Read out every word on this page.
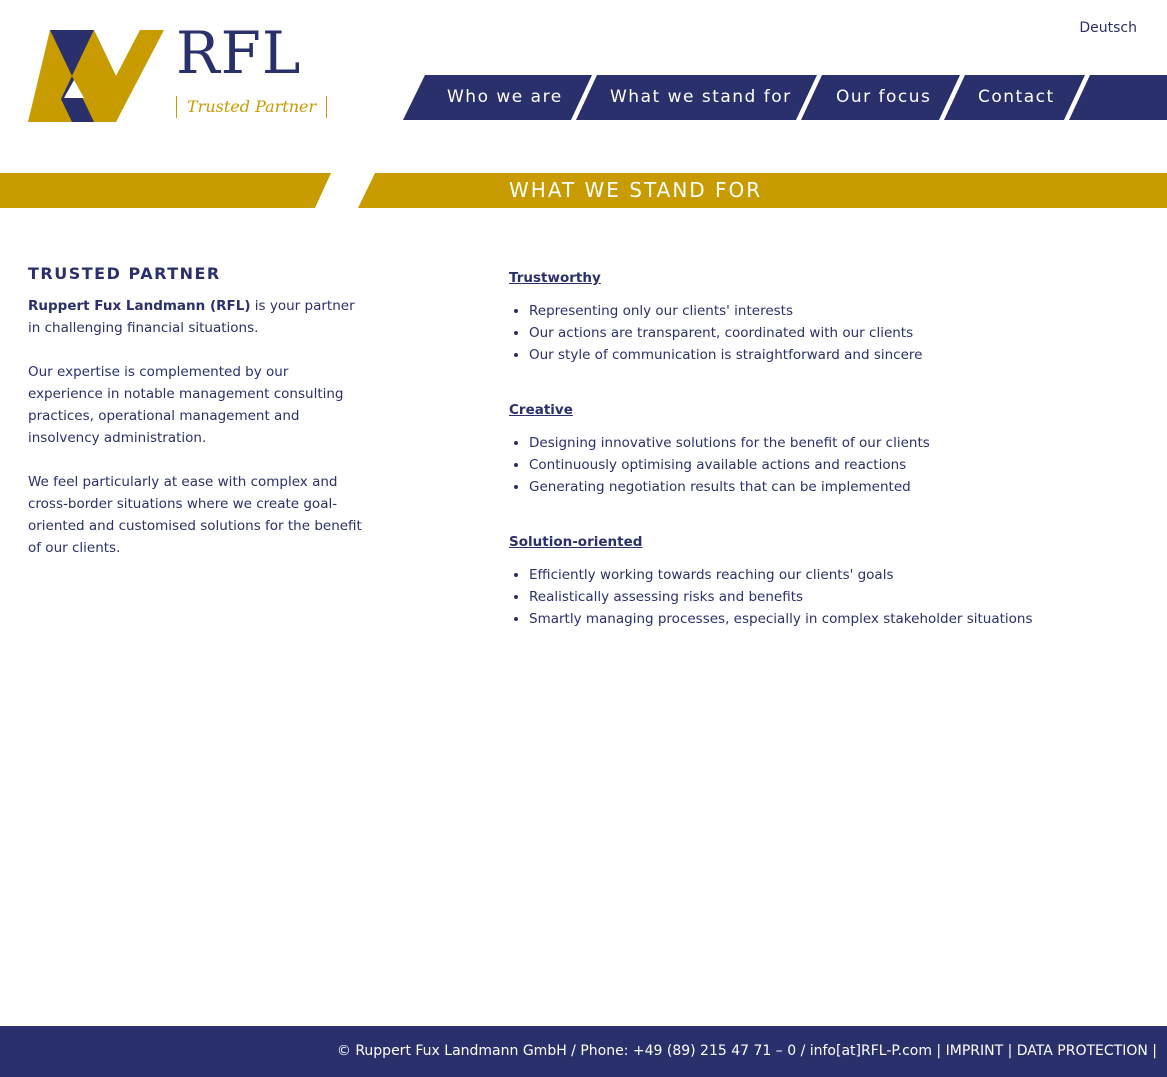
Deutsch
RFL
Trusted Partner	Who we are	What we stand for	Our focus	Contact
WHAT WE STAND FOR
TRUSTED PARTNER

Ruppert Fux Landmann (RFL) is your partner in challenging financial situations.

Our expertise is complemented by our experience in notable management consulting practices, operational management and insolvency administration.

We feel particularly at ease with complex and cross-border situations where we create goal-oriented and customised solutions for the benefit of our clients.

Trustworthy
• Representing only our clients' interests
• Our actions are transparent, coordinated with our clients
• Our style of communication is straightforward and sincere
Creative
• Designing innovative solutions for the benefit of our clients
• Continuously optimising available actions and reactions
• Generating negotiation results that can be implemented
Solution-oriented
• Efficiently working towards reaching our clients' goals
• Realistically assessing risks and benefits
• Smartly managing processes, especially in complex stakeholder situations
© Ruppert Fux Landmann GmbH / Phone: +49 (89) 215 47 71 – 0 / info[at]RFL-P.com | IMPRINT | DATA PROTECTION |
